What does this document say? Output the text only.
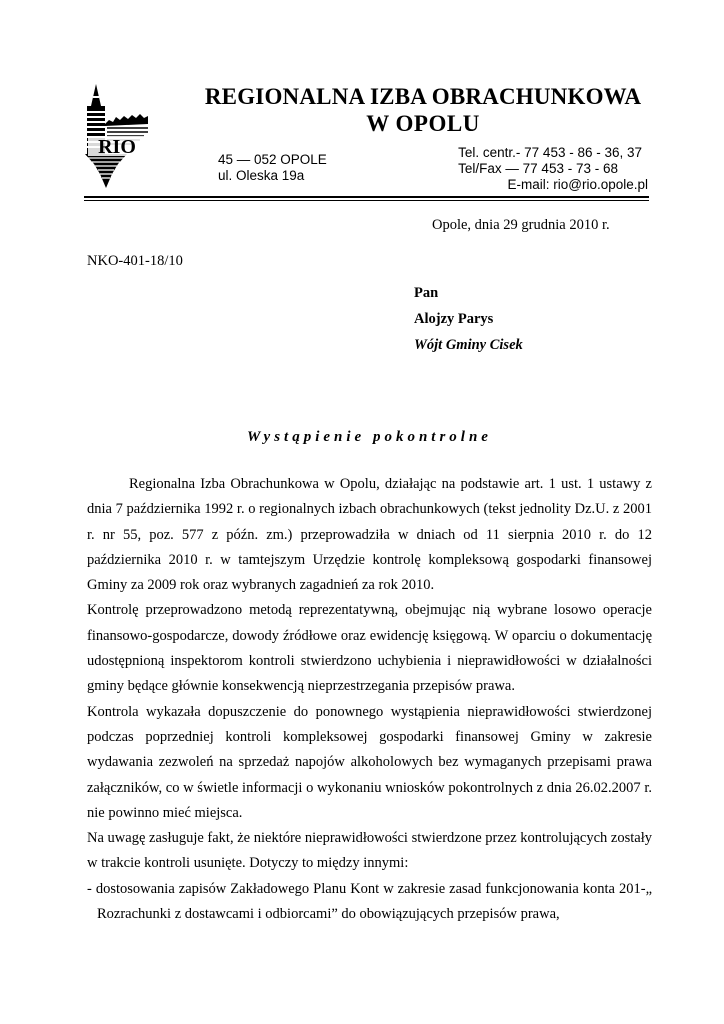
RIO
REGIONALNA IZBA OBRACHUNKOWA
W OPOLU
45 — 052 OPOLE
ul. Oleska 19a
Tel. centr.- 77 453 - 86 - 36, 37
Tel/Fax — 77 453 - 73 - 68
E-mail: rio@rio.opole.pl
Opole, dnia 29 grudnia 2010 r.
NKO-401-18/10
Pan
Alojzy Parys
Wójt Gminy Cisek
Wystąpienie pokontrolne

Regionalna Izba Obrachunkowa w Opolu, działając na podstawie art. 1 ust. 1 ustawy z dnia 7 października 1992 r. o regionalnych izbach obrachunkowych (tekst jednolity Dz.U. z 2001 r. nr 55, poz. 577 z późn. zm.) przeprowadziła w dniach od 11 sierpnia 2010 r. do 12 października 2010 r. w tamtejszym Urzędzie kontrolę kompleksową gospodarki finansowej Gminy za 2009 rok oraz wybranych zagadnień za rok 2010.

Kontrolę przeprowadzono metodą reprezentatywną, obejmując nią wybrane losowo operacje finansowo-gospodarcze, dowody źródłowe oraz ewidencję księgową. W oparciu o dokumentację udostępnioną inspektorom kontroli stwierdzono uchybienia i nieprawidłowości w działalności gminy będące głównie konsekwencją nieprzestrzegania przepisów prawa.

Kontrola wykazała dopuszczenie do ponownego wystąpienia nieprawidłowości stwierdzonej podczas poprzedniej kontroli kompleksowej gospodarki finansowej Gminy w zakresie wydawania zezwoleń na sprzedaż napojów alkoholowych bez wymaganych przepisami prawa załączników, co w świetle informacji o wykonaniu wniosków pokontrolnych z dnia 26.02.2007 r. nie powinno mieć miejsca.

Na uwagę zasługuje fakt, że niektóre nieprawidłowości stwierdzone przez kontrolujących zostały w trakcie kontroli usunięte. Dotyczy to między innymi:

- dostosowania zapisów Zakładowego Planu Kont w zakresie zasad funkcjonowania konta 201-„ Rozrachunki z dostawcami i odbiorcami” do obowiązujących przepisów prawa,
